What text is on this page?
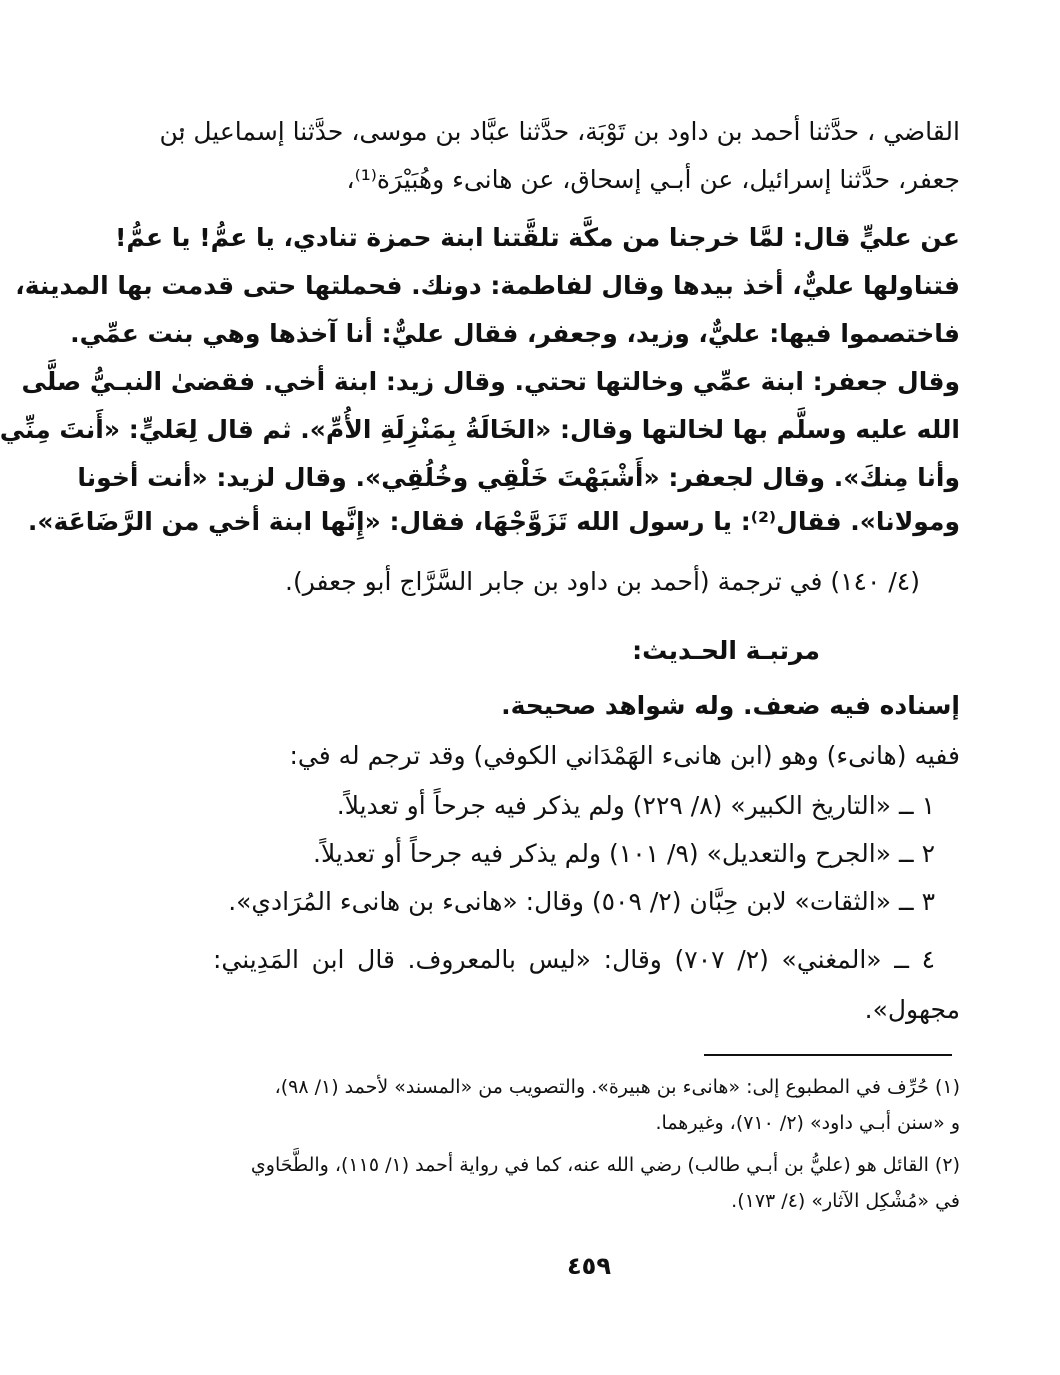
القاضي ، حدَّثنا أحمد بن داود بن تَوْبَة، حدَّثنا عبَّاد بن موسى، حدَّثنا إسماعيل بن
جعفر، حدَّثنا إسرائيل، عن أبـي إسحاق، عن هانىء وهُبَيْرَة⁽¹⁾،
عن عليٍّ قال: لمَّا خرجنا من مكَّة تلقَّتنا ابنة حمزة تنادي، يا عمُّ! يا عمُّ!
فتناولها عليٌّ، أخذ بيدها وقال لفاطمة: دونك. فحملتها حتى قدمت بها المدينة،
فاختصموا فيها: عليٌّ، وزيد، وجعفر، فقال عليٌّ: أنا آخذها وهي بنت عمِّي.
وقال جعفر: ابنة عمِّي وخالتها تحتي. وقال زيد: ابنة أخي. فقضىٰ النبـيُّ صلَّى
الله عليه وسلَّم بها لخالتها وقال: «الخَالَةُ بِمَنْزِلَةِ الأُمِّ». ثم قال لِعَليٍّ: «أَنتَ مِنِّي
وأنا مِنكَ». وقال لجعفر: «أَشْبَهْتَ خَلْقِي وخُلُقِي». وقال لزيد: «أنت أخونا
ومولانا». فقال⁽²⁾: يا رسول الله تَزَوَّجْهَا، فقال: «إِنَّها ابنة أخي من الرَّضَاعَة».
(٤/ ١٤٠) في ترجمة (أحمد بن داود بن جابر السَّرَّاج أبو جعفر).
مرتبـة الحـديث:
إسناده فيه ضعف. وله شواهد صحيحة.
ففيه (هانىء) وهو (ابن هانىء الهَمْدَاني الكوفي) وقد ترجم له في:
١ ــ «التاريخ الكبير» (٨/ ٢٢٩) ولم يذكر فيه جرحاً أو تعديلاً.
٢ ــ «الجرح والتعديل» (٩/ ١٠١) ولم يذكر فيه جرحاً أو تعديلاً.
٣ ــ «الثقات» لابن حِبَّان (٢/ ٥٠٩) وقال: «هانىء بن هانىء المُرَادي».
٤ ــ «المغني» (٢/ ٧٠٧) وقال: «ليس بالمعروف. قال ابن المَدِيني:
مجهول».
(١) حُرِّف في المطبوع إلى: «هانىء بن هبيرة». والتصويب من «المسند» لأحمد (١/ ٩٨)،
و «سنن أبـي داود» (٢/ ٧١٠)، وغيرهما.
(٢) القائل هو (عليُّ بن أبـي طالب) رضي الله عنه، كما في رواية أحمد (١/ ١١٥)، والطَّحَاوي
في «مُشْكِل الآثار» (٤/ ١٧٣).
٤٥٩
